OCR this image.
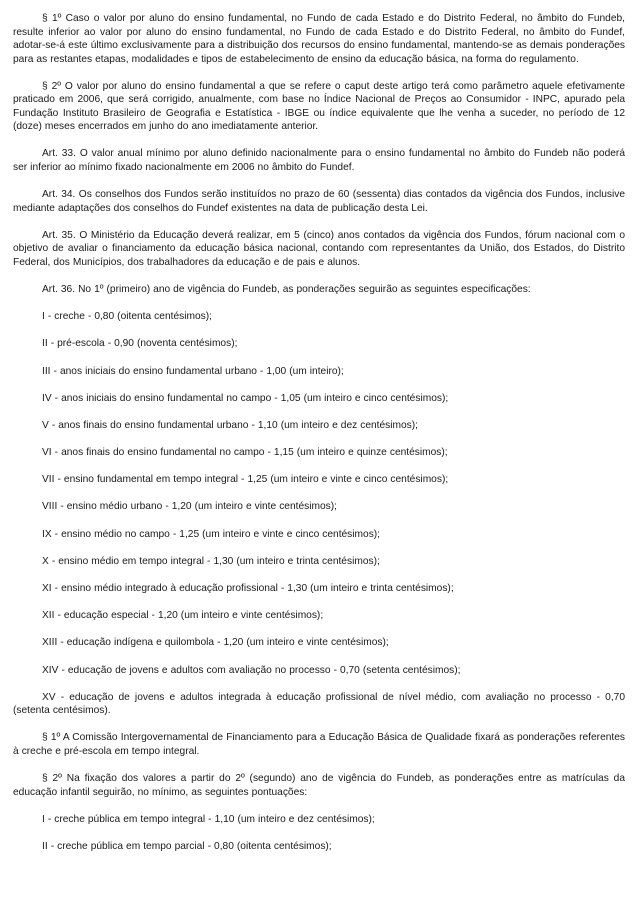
§ 1º Caso o valor por aluno do ensino fundamental, no Fundo de cada Estado e do Distrito Federal, no âmbito do Fundeb, resulte inferior ao valor por aluno do ensino fundamental, no Fundo de cada Estado e do Distrito Federal, no âmbito do Fundef, adotar-se-á este último exclusivamente para a distribuição dos recursos do ensino fundamental, mantendo-se as demais ponderações para as restantes etapas, modalidades e tipos de estabelecimento de ensino da educação básica, na forma do regulamento.

§ 2º O valor por aluno do ensino fundamental a que se refere o caput deste artigo terá como parâmetro aquele efetivamente praticado em 2006, que será corrigido, anualmente, com base no Índice Nacional de Preços ao Consumidor - INPC, apurado pela Fundação Instituto Brasileiro de Geografia e Estatística - IBGE ou índice equivalente que lhe venha a suceder, no período de 12 (doze) meses encerrados em junho do ano imediatamente anterior.

Art. 33. O valor anual mínimo por aluno definido nacionalmente para o ensino fundamental no âmbito do Fundeb não poderá ser inferior ao mínimo fixado nacionalmente em 2006 no âmbito do Fundef.

Art. 34. Os conselhos dos Fundos serão instituídos no prazo de 60 (sessenta) dias contados da vigência dos Fundos, inclusive mediante adaptações dos conselhos do Fundef existentes na data de publicação desta Lei.

Art. 35. O Ministério da Educação deverá realizar, em 5 (cinco) anos contados da vigência dos Fundos, fórum nacional com o objetivo de avaliar o financiamento da educação básica nacional, contando com representantes da União, dos Estados, do Distrito Federal, dos Municípios, dos trabalhadores da educação e de pais e alunos.

Art. 36. No 1º (primeiro) ano de vigência do Fundeb, as ponderações seguirão as seguintes especificações:

I - creche - 0,80 (oitenta centésimos);

II - pré-escola - 0,90 (noventa centésimos);

III - anos iniciais do ensino fundamental urbano - 1,00 (um inteiro);

IV - anos iniciais do ensino fundamental no campo - 1,05 (um inteiro e cinco centésimos);

V - anos finais do ensino fundamental urbano - 1,10 (um inteiro e dez centésimos);

VI - anos finais do ensino fundamental no campo - 1,15 (um inteiro e quinze centésimos);

VII - ensino fundamental em tempo integral - 1,25 (um inteiro e vinte e cinco centésimos);

VIII - ensino médio urbano - 1,20 (um inteiro e vinte centésimos);

IX - ensino médio no campo - 1,25 (um inteiro e vinte e cinco centésimos);

X - ensino médio em tempo integral - 1,30 (um inteiro e trinta centésimos);

XI - ensino médio integrado à educação profissional - 1,30 (um inteiro e trinta centésimos);

XII - educação especial - 1,20 (um inteiro e vinte centésimos);

XIII - educação indígena e quilombola - 1,20 (um inteiro e vinte centésimos);

XIV - educação de jovens e adultos com avaliação no processo - 0,70 (setenta centésimos);

XV - educação de jovens e adultos integrada à educação profissional de nível médio, com avaliação no processo - 0,70 (setenta centésimos).

§ 1º A Comissão Intergovernamental de Financiamento para a Educação Básica de Qualidade fixará as ponderações referentes à creche e pré-escola em tempo integral.

§ 2º Na fixação dos valores a partir do 2º (segundo) ano de vigência do Fundeb, as ponderações entre as matrículas da educação infantil seguirão, no mínimo, as seguintes pontuações:

I - creche pública em tempo integral - 1,10 (um inteiro e dez centésimos);

II - creche pública em tempo parcial - 0,80 (oitenta centésimos);
